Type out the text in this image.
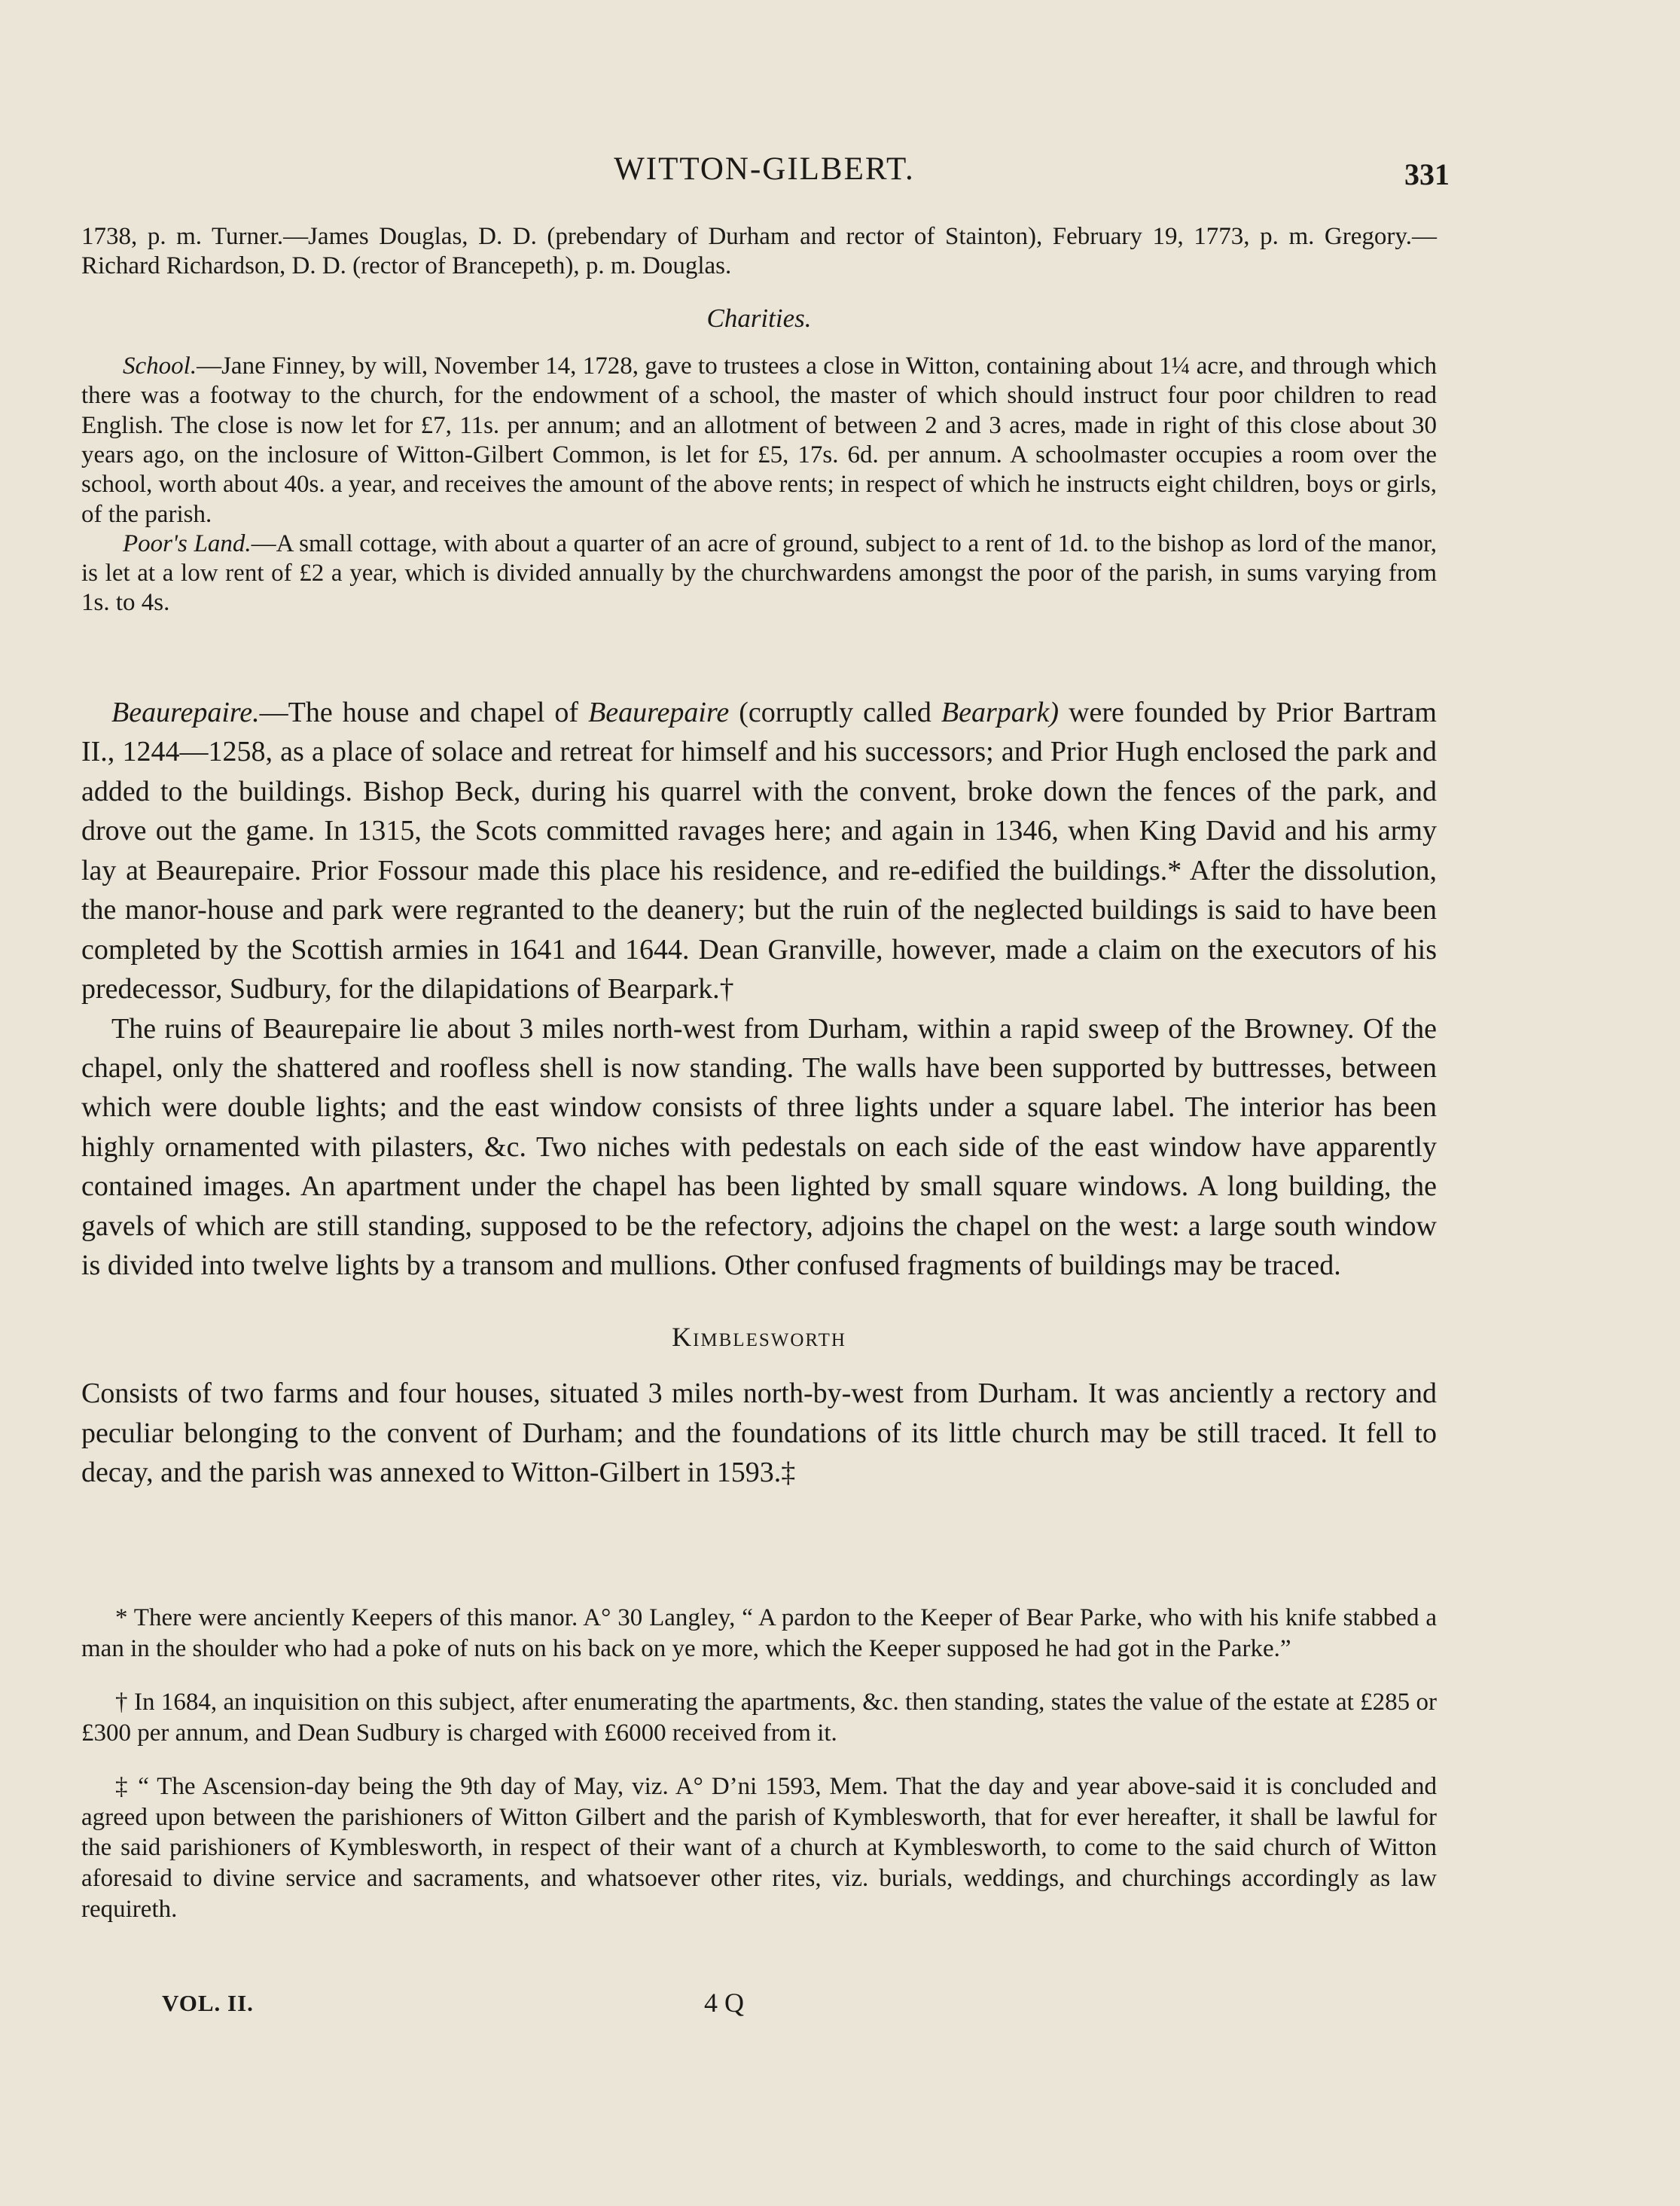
WITTON-GILBERT.	331

1738, p. m. Turner.—James Douglas, D. D. (prebendary of Durham and rector of Stainton), February 19, 1773, p. m. Gregory.—Richard Richardson, D. D. (rector of Brancepeth), p. m. Douglas.

Charities.

School.—Jane Finney, by will, November 14, 1728, gave to trustees a close in Witton, containing about 1¼ acre, and through which there was a footway to the church, for the endowment of a school, the master of which should instruct four poor children to read English. The close is now let for £7, 11s. per annum; and an allotment of between 2 and 3 acres, made in right of this close about 30 years ago, on the inclosure of Witton-Gilbert Common, is let for £5, 17s. 6d. per annum. A schoolmaster occupies a room over the school, worth about 40s. a year, and receives the amount of the above rents; in respect of which he instructs eight children, boys or girls, of the parish.

Poor's Land.—A small cottage, with about a quarter of an acre of ground, subject to a rent of 1d. to the bishop as lord of the manor, is let at a low rent of £2 a year, which is divided annually by the churchwardens amongst the poor of the parish, in sums varying from 1s. to 4s.

Beaurepaire.—The house and chapel of Beaurepaire (corruptly called Bearpark) were founded by Prior Bartram II., 1244—1258, as a place of solace and retreat for himself and his successors; and Prior Hugh enclosed the park and added to the buildings. Bishop Beck, during his quarrel with the convent, broke down the fences of the park, and drove out the game. In 1315, the Scots committed ravages here; and again in 1346, when King David and his army lay at Beaurepaire. Prior Fossour made this place his residence, and re-edified the buildings.* After the dissolution, the manor-house and park were regranted to the deanery; but the ruin of the neglected buildings is said to have been completed by the Scottish armies in 1641 and 1644. Dean Granville, however, made a claim on the executors of his predecessor, Sudbury, for the dilapidations of Bearpark.†

The ruins of Beaurepaire lie about 3 miles north-west from Durham, within a rapid sweep of the Browney. Of the chapel, only the shattered and roofless shell is now standing. The walls have been supported by buttresses, between which were double lights; and the east window consists of three lights under a square label. The interior has been highly ornamented with pilasters, &c. Two niches with pedestals on each side of the east window have apparently contained images. An apartment under the chapel has been lighted by small square windows. A long building, the gavels of which are still standing, supposed to be the refectory, adjoins the chapel on the west: a large south window is divided into twelve lights by a transom and mullions. Other confused fragments of buildings may be traced.

Kimblesworth

Consists of two farms and four houses, situated 3 miles north-by-west from Durham. It was anciently a rectory and peculiar belonging to the convent of Durham; and the foundations of its little church may be still traced. It fell to decay, and the parish was annexed to Witton-Gilbert in 1593.‡

* There were anciently Keepers of this manor. A° 30 Langley, “ A pardon to the Keeper of Bear Parke, who with his knife stabbed a man in the shoulder who had a poke of nuts on his back on ye more, which the Keeper supposed he had got in the Parke.”

† In 1684, an inquisition on this subject, after enumerating the apartments, &c. then standing, states the value of the estate at £285 or £300 per annum, and Dean Sudbury is charged with £6000 received from it.

‡ “ The Ascension-day being the 9th day of May, viz. A° D’ni 1593, Mem. That the day and year above-said it is concluded and agreed upon between the parishioners of Witton Gilbert and the parish of Kymblesworth, that for ever hereafter, it shall be lawful for the said parishioners of Kymblesworth, in respect of their want of a church at Kymblesworth, to come to the said church of Witton aforesaid to divine service and sacraments, and whatsoever other rites, viz. burials, weddings, and churchings accordingly as law requireth.

VOL. II.	4 Q
